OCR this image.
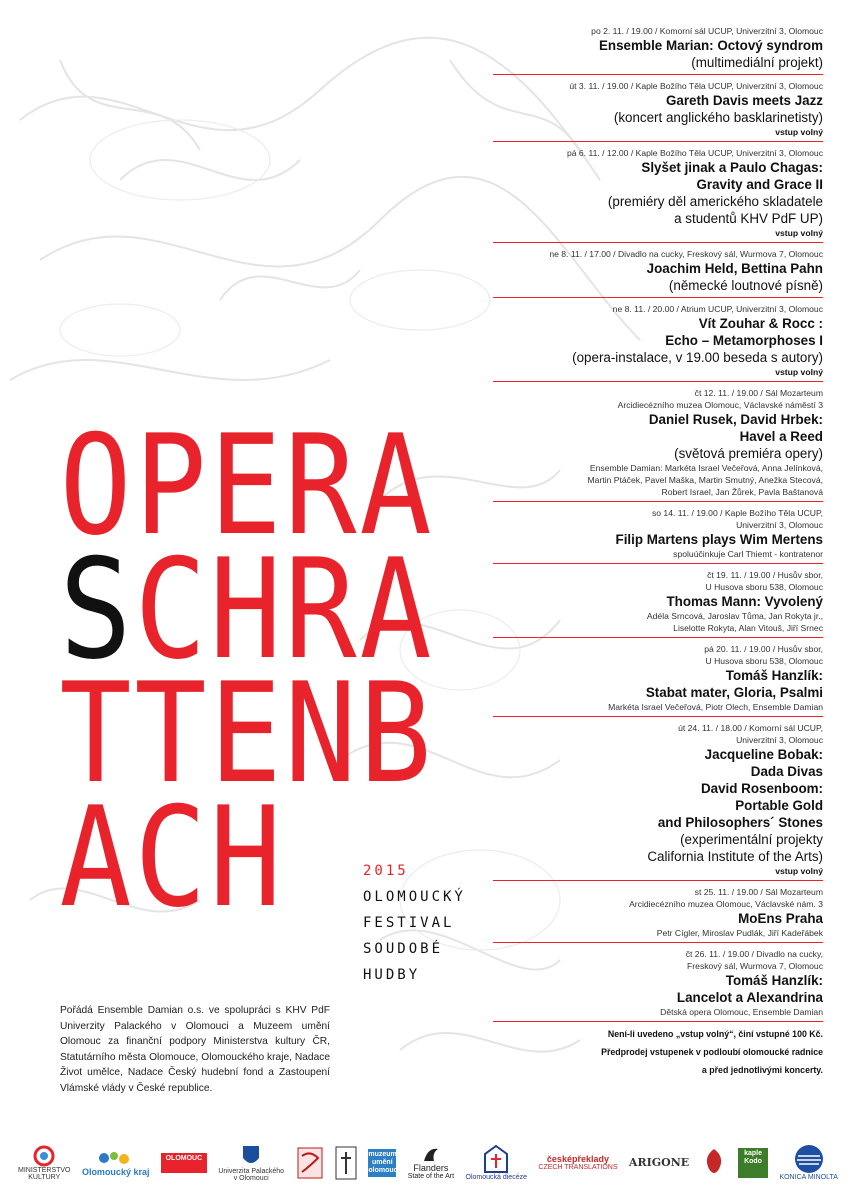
O P E R A
S C H R A
T T E N B
A C H	2015
OLOMOUCKÝ
FESTIVAL
SOUDOBÉ
HUDBY
Pořádá Ensemble Damian o.s. ve spolupráci s KHV PdF Univerzity Palackého v Olomouci a Muzeem umění Olomouc za finanční podpory Ministerstva kultury ČR, Statutárního města Olomouce, Olomouckého kraje, Nadace Život umělce, Nadace Český hudební fond a Zastoupení Vlámské vlády v České republice.
po 2. 11. / 19.00 / Komorní sál UCUP, Univerzitní 3, Olomouc
Ensemble Marian: Octový syndrom
(multimediální projekt)
út 3. 11. / 19.00 / Kaple Božího Těla UCUP, Univerzitní 3, Olomouc
Gareth Davis meets Jazz
(koncert anglického basklarinetisty)
vstup volný
pá 6. 11. / 12.00 / Kaple Božího Těla UCUP, Univerzitní 3, Olomouc
Slyšet jinak a Paulo Chagas:
Gravity and Grace II
(premiéry děl amerického skladatele
a studentů KHV PdF UP)
vstup volný
ne 8. 11. / 17.00 / Divadlo na cucky, Freskový sál, Wurmova 7, Olomouc
Joachim Held, Bettina Pahn
(německé loutnové písně)
ne 8. 11. / 20.00 / Atrium UCUP, Univerzitní 3, Olomouc
Vít Zouhar & Rocc :
Echo – Metamorphoses I
(opera-instalace, v 19.00 beseda s autory)
vstup volný
čt 12. 11. / 19.00 / Sál Mozarteum
Arcidiecézního muzea Olomouc, Václavské náměstí 3
Daniel Rusek, David Hrbek:
Havel a Reed
(světová premiéra opery)
Ensemble Damian: Markéta Israel Večeřová, Anna Jelínková,
Martin Ptáček, Pavel Maška, Martin Smutný, Anežka Stecová,
Robert Israel, Jan Žůrek, Pavla Baštanová
so 14. 11. / 19.00 / Kaple Božího Těla UCUP,
Univerzitní 3, Olomouc
Filip Martens plays Wim Mertens
spoluúčinkuje Carl Thiemt - kontratenor
čt 19. 11. / 19.00 / Husův sbor,
U Husova sboru 538, Olomouc
Thomas Mann: Vyvolený
Adéla Srncová, Jaroslav Tůma, Jan Rokyta jr.,
Liselotte Rokyta, Alan Vitouš, Jiří Srnec
pá 20. 11. / 19.00 / Husův sbor,
U Husova sboru 538, Olomouc
Tomáš Hanzlík:
Stabat mater, Gloria, Psalmi
Markéta Israel Večeřová, Piotr Olech, Ensemble Damian
út 24. 11. / 18.00 / Komorní sál UCUP,
Univerzitní 3, Olomouc
Jacqueline Bobak:
Dada Divas
David Rosenboom:
Portable Gold
and Philosophers´ Stones
(experimentální projekty
California Institute of the Arts)
vstup volný
st 25. 11. / 19.00 / Sál Mozarteum
Arcidiecézního muzea Olomouc, Václavské nám. 3
MoEns Praha
Petr Cígler, Miroslav Pudlák, Jiří Kadeřábek
čt 26. 11. / 19.00 / Divadlo na cucky,
Freskový sál, Wurmova 7, Olomouc
Tomáš Hanzlík:
Lancelot a Alexandrina
Dětská opera Olomouc, Ensemble Damian
Není-li uvedeno „vstup volný“, činí vstupné 100 Kč.
Předprodej vstupenek v podloubí olomoucké radnice
a před jednotlivými koncerty.
MINISTERSTVO
KULTURY
Olomoucký kraj
OLOMOUC
Univerzita Palackého
v Olomouci
muzeum
umění
olomouc Flanders
State of the Art Olomoucká diecéze
česképřeklady
CZECH TRANSLATIONS ARIGONE
kaple
Kodo
KONICA MINOLTA
